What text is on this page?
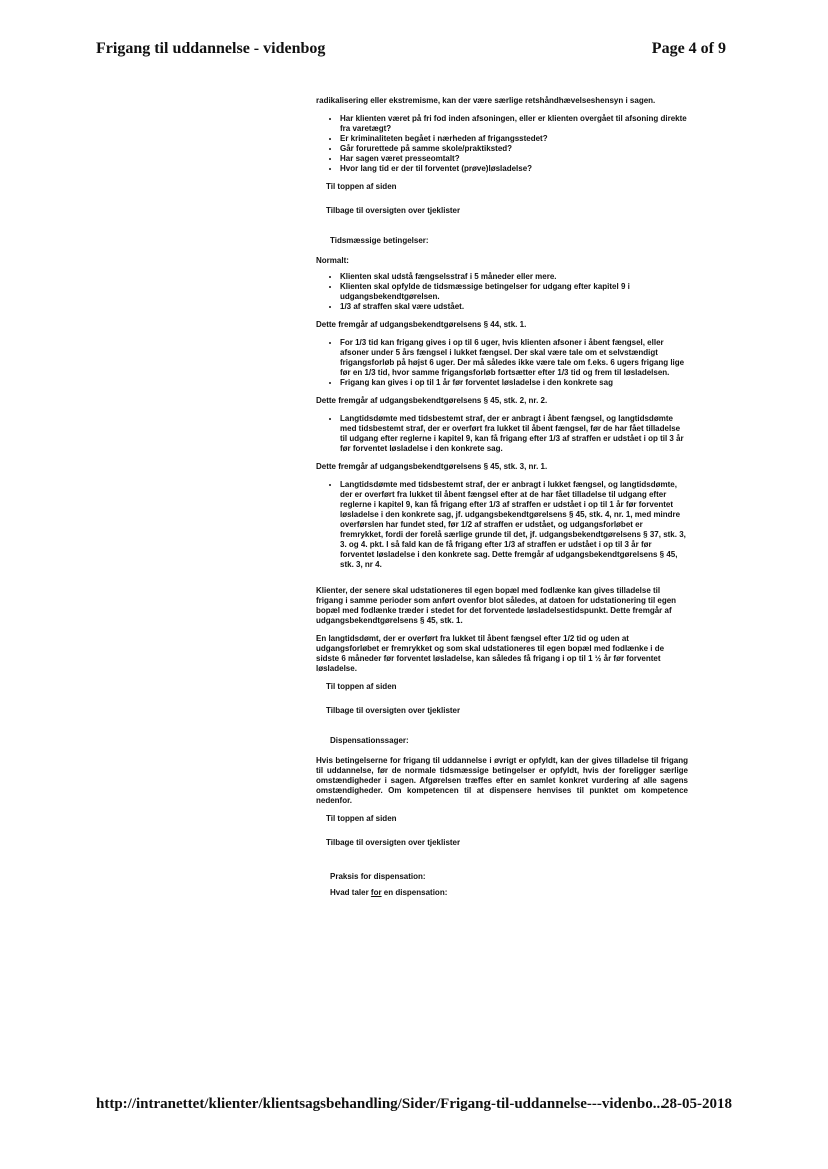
Frigang til uddannelse - videnbog	Page 4 of 9

radikalisering eller ekstremisme, kan der være særlige retshåndhævelseshensyn i sagen.

• Har klienten været på fri fod inden afsoningen, eller er klienten overgået til afsoning direkte fra varetægt?
• Er kriminaliteten begået i nærheden af frigangsstedet?
• Går forurettede på samme skole/praktiksted?
• Har sagen været presseomtalt?
• Hvor lang tid er der til forventet (prøve)løsladelse?
Til toppen af siden
Tilbage til oversigten over tjeklister
Tidsmæssige betingelser:
Normalt:
• Klienten skal udstå fængselsstraf i 5 måneder eller mere.
• Klienten skal opfylde de tidsmæssige betingelser for udgang efter kapitel 9 i udgangsbekendtgørelsen.
• 1/3 af straffen skal være udstået.

Dette fremgår af udgangsbekendtgørelsens § 44, stk. 1.

• For 1/3 tid kan frigang gives i op til 6 uger, hvis klienten afsoner i åbent fængsel, eller afsoner under 5 års fængsel i lukket fængsel. Der skal være tale om et selvstændigt frigangsforløb på højst 6 uger. Der må således ikke være tale om f.eks. 6 ugers frigang lige før en 1/3 tid, hvor samme frigangsforløb fortsætter efter 1/3 tid og frem til løsladelsen.
• Frigang kan gives i op til 1 år før forventet løsladelse i den konkrete sag

Dette fremgår af udgangsbekendtgørelsens § 45, stk. 2, nr. 2.

• Langtidsdømte med tidsbestemt straf, der er anbragt i åbent fængsel, og langtidsdømte med tidsbestemt straf, der er overført fra lukket til åbent fængsel, før de har fået tilladelse til udgang efter reglerne i kapitel 9, kan få frigang efter 1/3 af straffen er udstået i op til 3 år før forventet løsladelse i den konkrete sag.

Dette fremgår af udgangsbekendtgørelsens § 45, stk. 3, nr. 1.

• Langtidsdømte med tidsbestemt straf, der er anbragt i lukket fængsel, og langtidsdømte, der er overført fra lukket til åbent fængsel efter at de har fået tilladelse til udgang efter reglerne i kapitel 9, kan få frigang efter 1/3 af straffen er udstået i op til 1 år før forventet løsladelse i den konkrete sag, jf. udgangsbekendtgørelsens § 45, stk. 4, nr. 1, med mindre overførslen har fundet sted, før 1/2 af straffen er udstået, og udgangsforløbet er fremrykket, fordi der forelå særlige grunde til det, jf. udgangsbekendtgørelsens § 37, stk. 3, 3. og 4. pkt. I så fald kan de få frigang efter 1/3 af straffen er udstået i op til 3 år før forventet løsladelse i den konkrete sag. Dette fremgår af udgangsbekendtgørelsens § 45, stk. 3, nr 4.

Klienter, der senere skal udstationeres til egen bopæl med fodlænke kan gives tilladelse til frigang i samme perioder som anført ovenfor blot således, at datoen for udstationering til egen bopæl med fodlænke træder i stedet for det forventede løsladelsestidspunkt. Dette fremgår af udgangsbekendtgørelsens § 45, stk. 1.

En langtidsdømt, der er overført fra lukket til åbent fængsel efter 1/2 tid og uden at udgangsforløbet er fremrykket og som skal udstationeres til egen bopæl med fodlænke i de sidste 6 måneder før forventet løsladelse, kan således få frigang i op til 1 ½ år før forventet løsladelse.

Til toppen af siden
Tilbage til oversigten over tjeklister
Dispensationssager:

Hvis betingelserne for frigang til uddannelse i øvrigt er opfyldt, kan der gives tilladelse til frigang til uddannelse, før de normale tidsmæssige betingelser er opfyldt, hvis der foreligger særlige omstændigheder i sagen. Afgørelsen træffes efter en samlet konkret vurdering af alle sagens omstændigheder. Om kompetencen til at dispensere henvises til punktet om kompetence nedenfor.

Til toppen af siden
Tilbage til oversigten over tjeklister
Praksis for dispensation:
Hvad taler for en dispensation:
http://intranettet/klienter/klientsagsbehandling/Sider/Frigang-til-uddannelse---videnbo...
28-05-2018
